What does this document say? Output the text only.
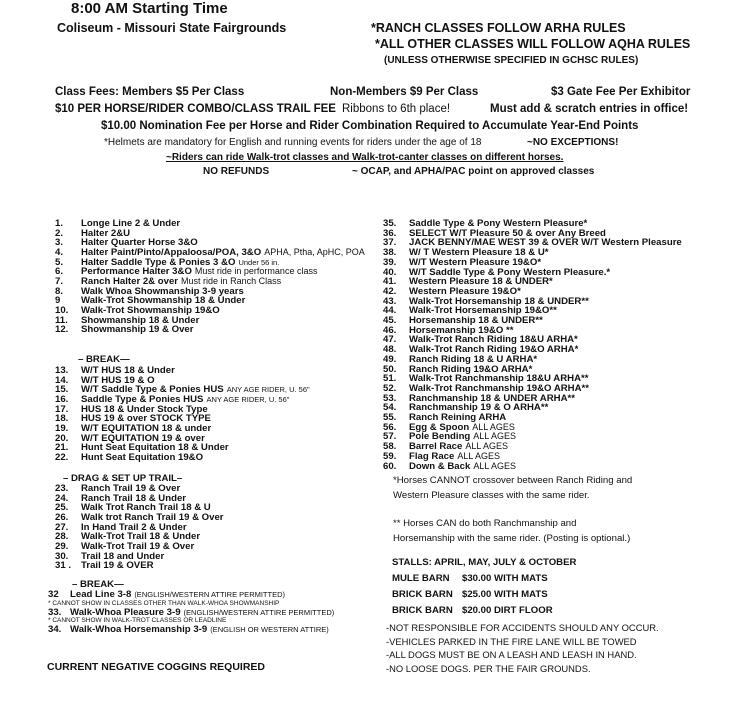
8:00 AM Starting Time
Coliseum - Missouri State Fairgrounds	*RANCH CLASSES FOLLOW ARHA RULES
*ALL OTHER CLASSES WILL FOLLOW AQHA RULES
(UNLESS OTHERWISE SPECIFIED IN GCHSC RULES)
Class Fees: Members $5 Per Class	Non-Members $9 Per Class	$3 Gate Fee Per Exhibitor
$10 PER HORSE/RIDER COMBO/CLASS TRAIL FEE Ribbons to 6th place!	Must add & scratch entries in office!
$10.00 Nomination Fee per Horse and Rider Combination Required to Accumulate Year-End Points
*Helmets are mandatory for English and running events for riders under the age of 18	~NO EXCEPTIONS!
~Riders can ride Walk-trot classes and Walk-trot-canter classes on different horses.
NO REFUNDS	~ OCAP, and APHA/PAC point on approved classes
1.	Longe Line 2 & Under
2.	Halter 2&U
3.	Halter Quarter Horse 3&O
4.	Halter Paint/Pinto/Appaloosa/POA, 3&O APHA, Ptha, ApHC, POA
5.	Halter Saddle Type & Ponies 3 &O Under 56 in.
6.	Performance Halter 3&O Must ride in performance class
7.	Ranch Halter 2& over Must ride in Ranch Class
8.	Walk Whoa Showmanship 3-9 years
9	Walk-Trot Showmanship 18 & Under
10.	Walk-Trot Showmanship 19&O
11.	Showmanship 18 & Under
12.	Showmanship 19 & Over
– BREAK—
13.	W/T HUS 18 & Under
14.	W/T HUS 19 & O
15.	W/T Saddle Type & Ponies HUS ANY AGE RIDER, U. 56"
16.	Saddle Type & Ponies HUS ANY AGE RIDER, U. 56"
17.	HUS 18 & Under Stock Type
18.	HUS 19 & over STOCK TYPE
19.	W/T EQUITATION 18 & under
20.	W/T EQUITATION 19 & over
21.	Hunt Seat Equitation 18 & Under
22.	Hunt Seat Equitation 19&O
– DRAG & SET UP TRAIL–
23.	Ranch Trail 19 & Over
24.	Ranch Trail 18 & Under
25.	Walk Trot Ranch Trail 18 & U
26.	Walk trot Ranch Trail 19 & Over
27.	In Hand Trail 2 & Under
28.	Walk-Trot Trail 18 & Under
29.	Walk-Trot Trail 19 & Over
30.	Trail 18 and Under
31 .	Trail 19 & OVER
– BREAK—
32	Lead Line 3-8 (ENGLISH/WESTERN ATTIRE PERMITTED)
* CANNOT SHOW IN CLASSES OTHER THAN WALK-WHOA SHOWMANSHIP
33. Walk-Whoa Pleasure 3-9 (ENGLISH/WESTERN ATTIRE PERMITTED)
* CANNOT SHOW IN WALK-TROT CLASSES OR LEADLINE
34. Walk-Whoa Horsemanship 3-9 (ENGLISH OR WESTERN ATTIRE)
CURRENT NEGATIVE COGGINS REQUIRED
35.	Saddle Type & Pony Western Pleasure*
36.	SELECT W/T Pleasure 50 & over Any Breed
37.	JACK BENNY/MAE WEST 39 & OVER W/T Western Pleasure
38.	W/ T Western Pleasure 18 & U*
39.	W/T Western Pleasure 19&O*
40.	W/T Saddle Type & Pony Western Pleasure.*
41.	Western Pleasure 18 & UNDER*
42.	Western Pleasure 19&O*
43.	Walk-Trot Horsemanship 18 & UNDER**
44.	Walk-Trot Horsemanship 19&O**
45.	Horsemanship 18 & UNDER**
46.	Horsemanship 19&O **
47.	Walk-Trot Ranch Riding 18&U ARHA*
48.	Walk-Trot Ranch Riding 19&O ARHA*
49.	Ranch Riding 18 & U ARHA*
50.	Ranch Riding 19&O ARHA*
51.	Walk-Trot Ranchmanship 18&U ARHA**
52.	Walk-Trot Ranchmanship 19&O ARHA**
53.	Ranchmanship 18 & UNDER ARHA**
54.	Ranchmanship 19 & O ARHA**
55.	Ranch Reining ARHA
56.	Egg & Spoon ALL AGES
57.	Pole Bending ALL AGES
58.	Barrel Race ALL AGES
59.	Flag Race ALL AGES
60.	Down & Back ALL AGES
*Horses CANNOT crossover between Ranch Riding and
Western Pleasure classes with the same rider.
** Horses CAN do both Ranchmanship and
Horsemanship with the same rider. (Posting is optional.)
STALLS: APRIL, MAY, JULY & OCTOBER
MULE BARN $30.00 WITH MATS
BRICK BARN $25.00 WITH MATS
BRICK BARN $20.00 DIRT FLOOR
-NOT RESPONSIBLE FOR ACCIDENTS SHOULD ANY OCCUR.
-VEHICLES PARKED IN THE FIRE LANE WILL BE TOWED
-ALL DOGS MUST BE ON A LEASH AND LEASH IN HAND.
-NO LOOSE DOGS. PER THE FAIR GROUNDS.
